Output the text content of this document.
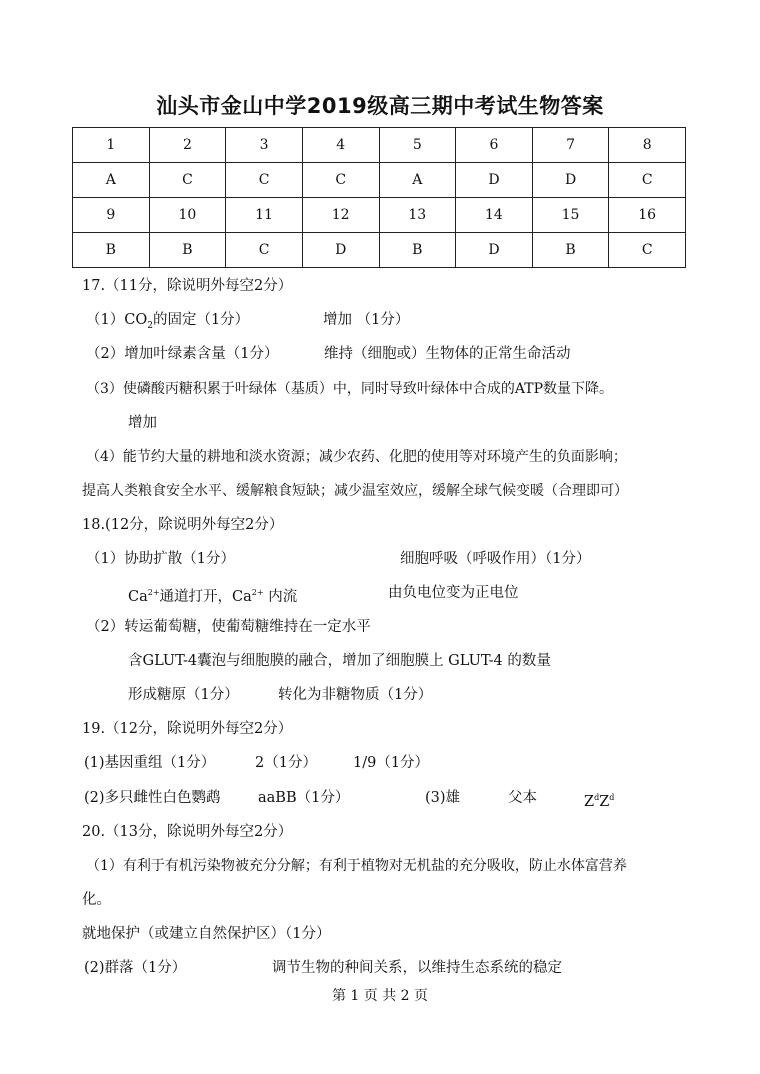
汕头市金山中学2019级高三期中考试生物答案
1	2	3	4	5	6	7	8
A	C	C	C	A	D	D	C
9	10	11	12	13	14	15	16
B	B	C	D	B	D	B	C
17.（11分，除说明外每空2分）
$(1)CO_2$的固定（1分）	增加 （1分）
（2）增加叶绿素含量（1分）	维持（细胞或）生物体的正常生命活动
（3）使磷酸丙糖积累于叶绿体（基质）中，同时导致叶绿体中合成的ATP数量下降。
增加
（4）能节约大量的耕地和淡水资源；减少农药、化肥的使用等对环境产生的负面影响；
提高人类粮食安全水平、缓解粮食短缺；减少温室效应，缓解全球气候变暖（合理即可）
18.(12分，除说明外每空2分）
（1）协助扩散（1分）	细胞呼吸（呼吸作用）（1分）
$Ca^{2+}$通道打开，$Ca^{2+}$ 内流	由负电位变为正电位
（2）转运葡萄糖，使葡萄糖维持在一定水平
含GLUT-4囊泡与细胞膜的融合，增加了细胞膜上 GLUT-4 的数量
形成糖原（1分）	转化为非糖物质（1分）
19.（12分，除说明外每空2分）
(1)基因重组（1分）	2（1分） 1/9（1分）
(2)多只雌性白色鹦鹉	aaBB（1分）	(3)雄	父本	$Z^dZ^d$
20.（13分，除说明外每空2分）
（1）有利于有机污染物被充分分解；有利于植物对无机盐的充分吸收，防止水体富营养
化。
就地保护（或建立自然保护区）（1分）
(2)群落（1分）	调节生物的种间关系，以维持生态系统的稳定
第 1 页 共 2 页
